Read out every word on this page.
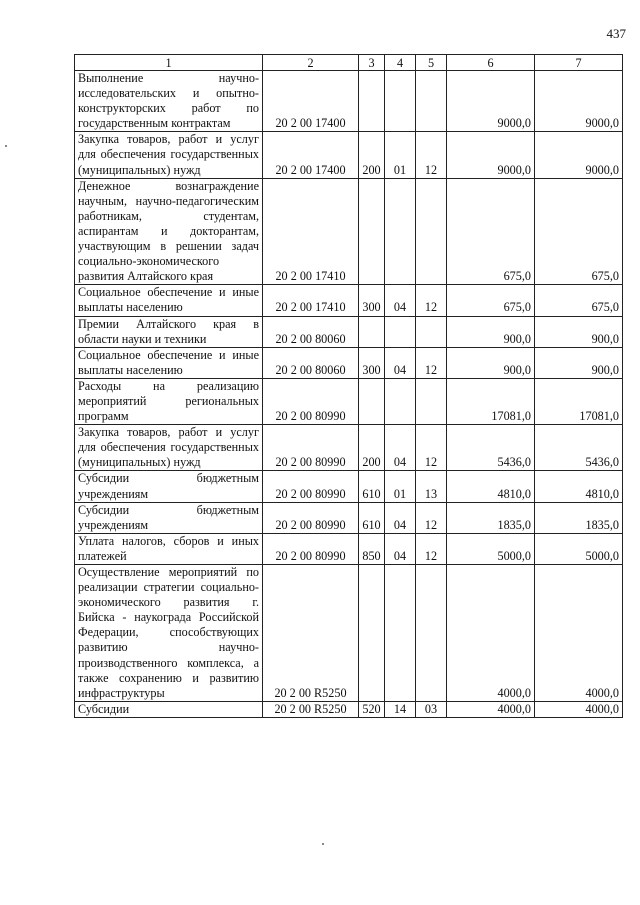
437
1	2	3	4	5	6	7
Выполнение научно-исследовательских и опытно-конструкторских работ по государственным контрактам	20 2 00 17400				9000,0	9000,0
Закупка товаров, работ и услуг для обеспечения государственных (муниципальных) нужд	20 2 00 17400	200	01	12	9000,0	9000,0
Денежное вознаграждение научным, научно-педагогическим работникам, студентам, аспирантам и докторантам, участвующим в решении задач социально-экономического развития Алтайского края	20 2 00 17410				675,0	675,0
Социальное обеспечение и иные выплаты населению	20 2 00 17410	300	04	12	675,0	675,0
Премии Алтайского края в области науки и техники	20 2 00 80060				900,0	900,0
Социальное обеспечение и иные выплаты населению	20 2 00 80060	300	04	12	900,0	900,0
Расходы на реализацию мероприятий региональных программ	20 2 00 80990				17081,0	17081,0
Закупка товаров, работ и услуг для обеспечения государственных (муниципальных) нужд	20 2 00 80990	200	04	12	5436,0	5436,0
Субсидии бюджетным учреждениям	20 2 00 80990	610	01	13	4810,0	4810,0
Субсидии бюджетным учреждениям	20 2 00 80990	610	04	12	1835,0	1835,0
Уплата налогов, сборов и иных платежей	20 2 00 80990	850	04	12	5000,0	5000,0
Осуществление мероприятий по реализации стратегии социально-экономического развития г. Бийска - наукограда Российской Федерации, способствующих развитию научно-производственного комплекса, а также сохранению и развитию инфраструктуры	20 2 00 R5250				4000,0	4000,0
Субсидии	20 2 00 R5250	520	14	03	4000,0	4000,0
